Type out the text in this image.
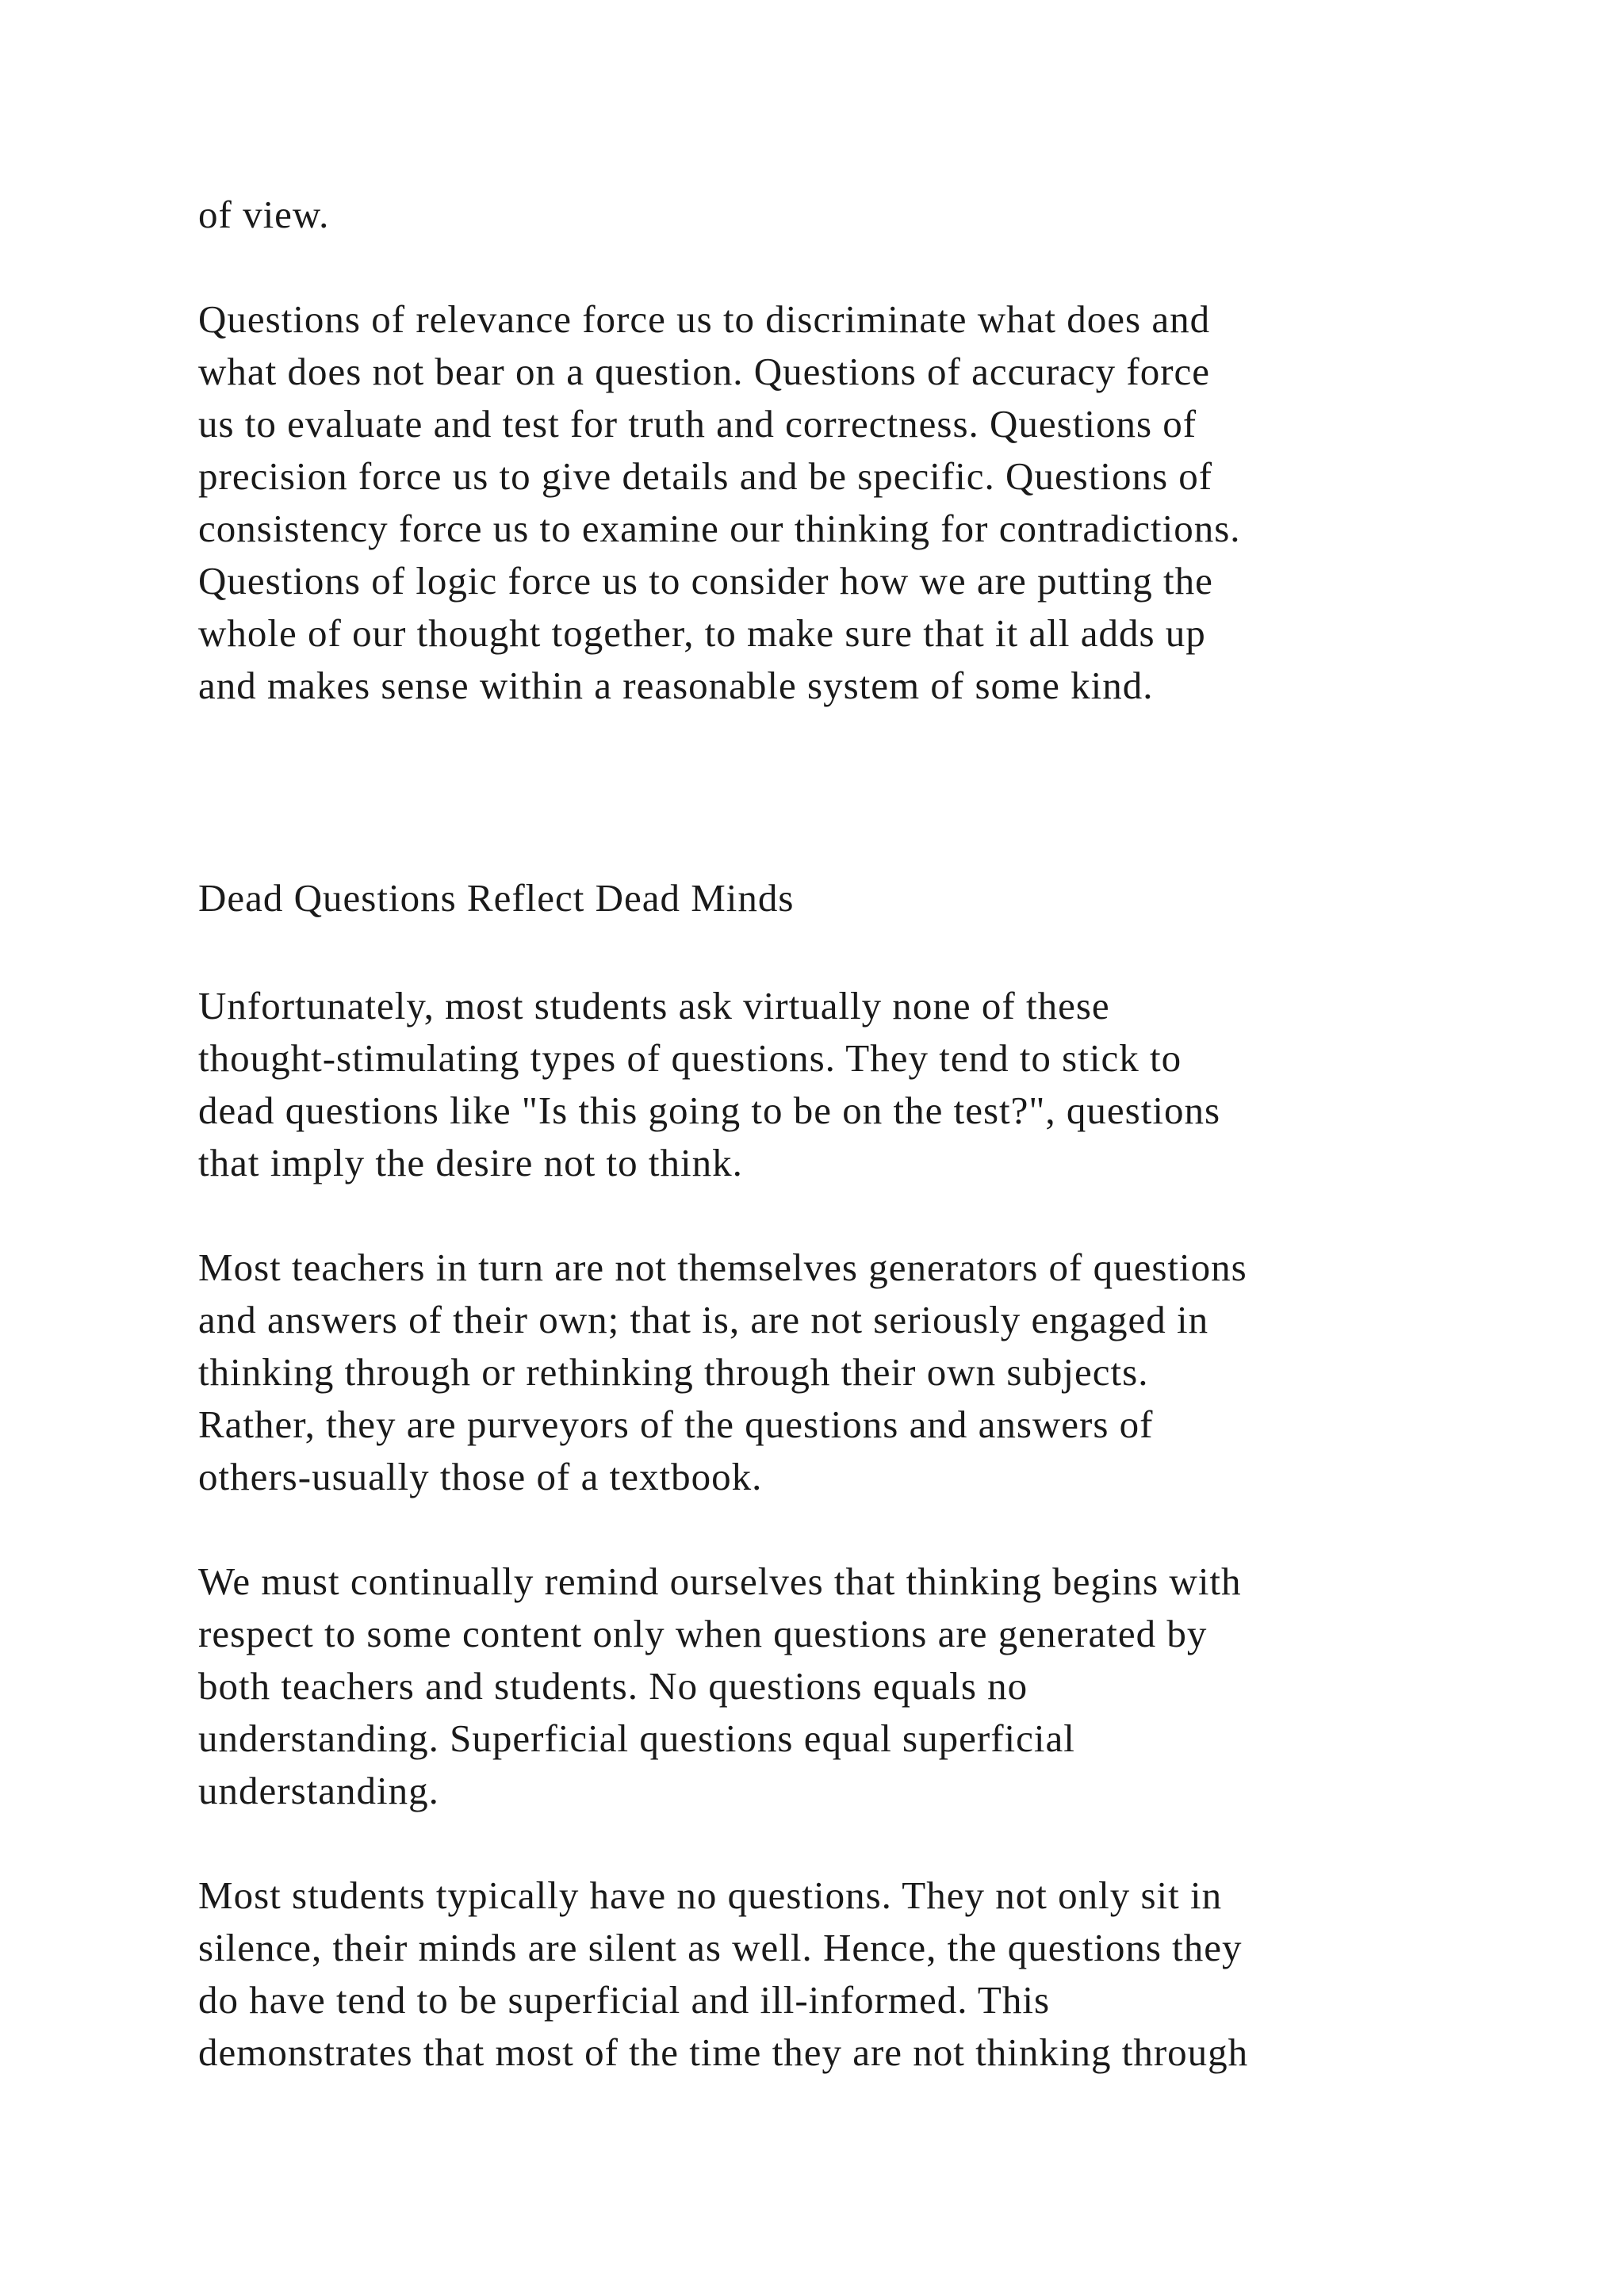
of view.
Questions of relevance force us to discriminate what does and
what does not bear on a question. Questions of accuracy force
us to evaluate and test for truth and correctness. Questions of
precision force us to give details and be specific. Questions of
consistency force us to examine our thinking for contradictions.
Questions of logic force us to consider how we are putting the
whole of our thought together, to make sure that it all adds up
and makes sense within a reasonable system of some kind.
Dead Questions Reflect Dead Minds
Unfortunately, most students ask virtually none of these
thought-stimulating types of questions. They tend to stick to
dead questions like "Is this going to be on the test?", questions
that imply the desire not to think.
Most teachers in turn are not themselves generators of questions
and answers of their own; that is, are not seriously engaged in
thinking through or rethinking through their own subjects.
Rather, they are purveyors of the questions and answers of
others-usually those of a textbook.
We must continually remind ourselves that thinking begins with
respect to some content only when questions are generated by
both teachers and students. No questions equals no
understanding. Superficial questions equal superficial
understanding.
Most students typically have no questions. They not only sit in
silence, their minds are silent as well. Hence, the questions they
do have tend to be superficial and ill-informed. This
demonstrates that most of the time they are not thinking through
